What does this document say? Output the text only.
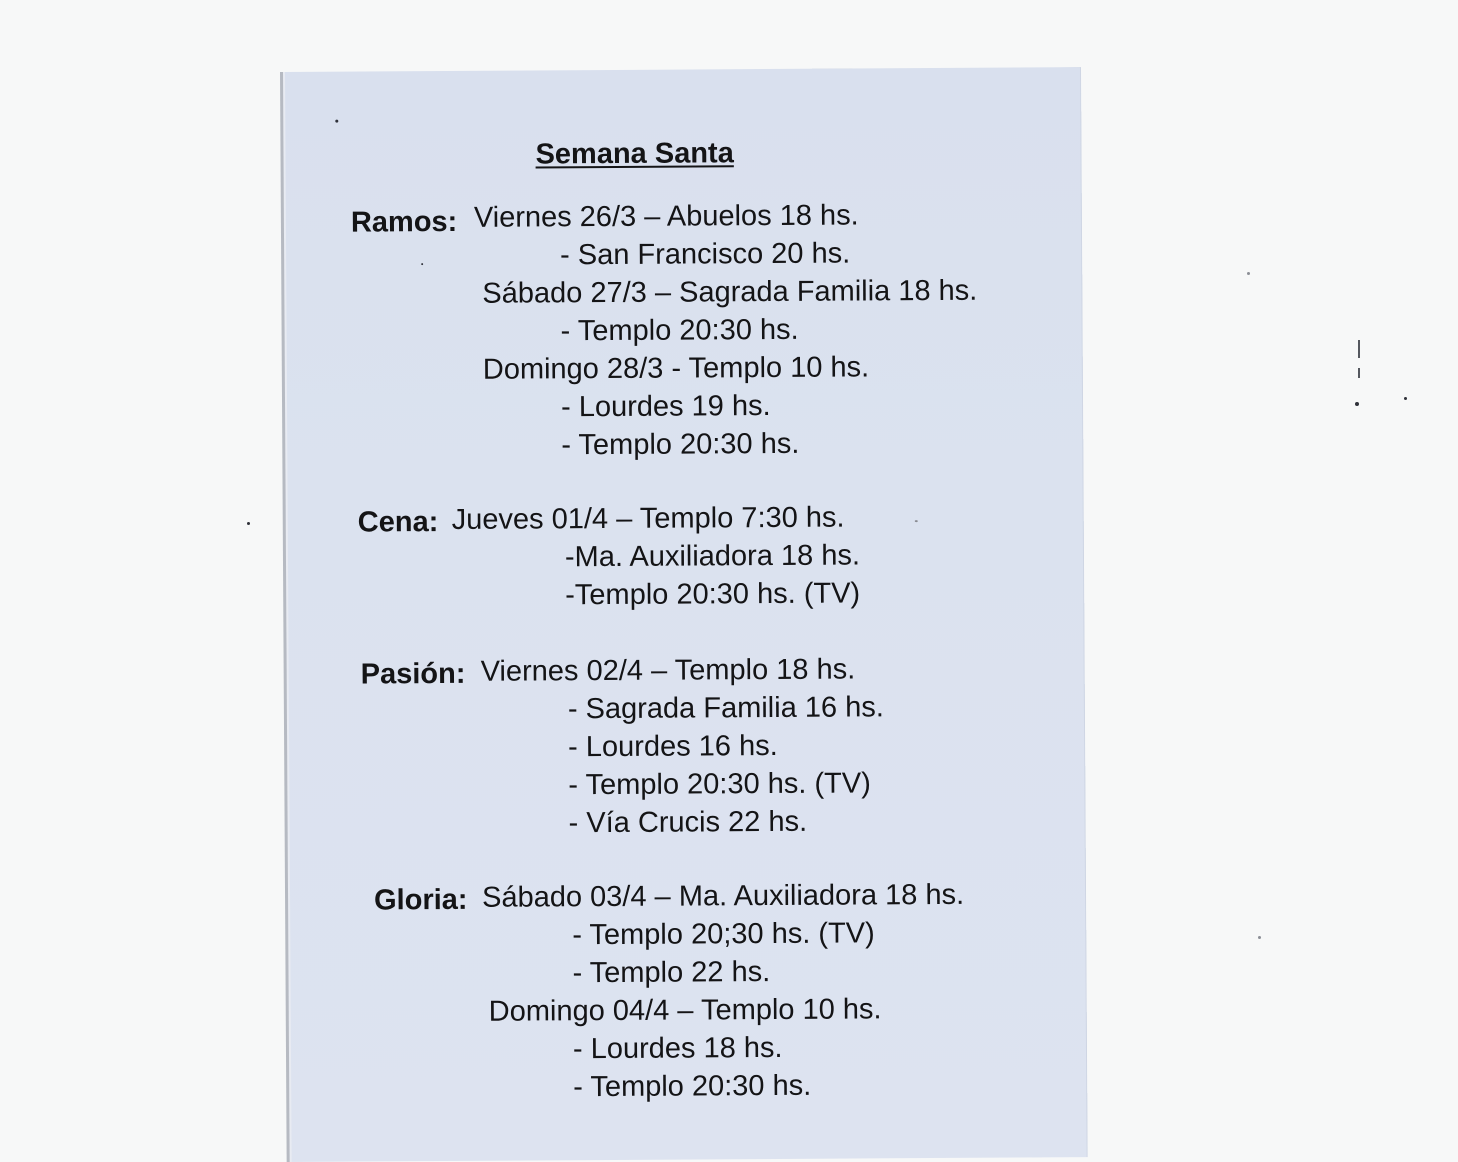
Semana Santa
Ramos: Viernes 26/3 – Abuelos 18 hs.
- San Francisco 20 hs.
Sábado 27/3 – Sagrada Familia 18 hs.
- Templo 20:30 hs.
Domingo 28/3 - Templo 10 hs.
- Lourdes 19 hs.
- Templo 20:30 hs.
Cena: Jueves 01/4 – Templo 7:30 hs.
-Ma. Auxiliadora 18 hs.
-Templo 20:30 hs. (TV)
Pasión: Viernes 02/4 – Templo 18 hs.
- Sagrada Familia 16 hs.
- Lourdes 16 hs.
- Templo 20:30 hs. (TV)
- Vía Crucis 22 hs.
Gloria: Sábado 03/4 – Ma. Auxiliadora 18 hs.
- Templo 20;30 hs. (TV)
- Templo 22 hs.
Domingo 04/4 – Templo 10 hs.
- Lourdes 18 hs.
- Templo 20:30 hs.
